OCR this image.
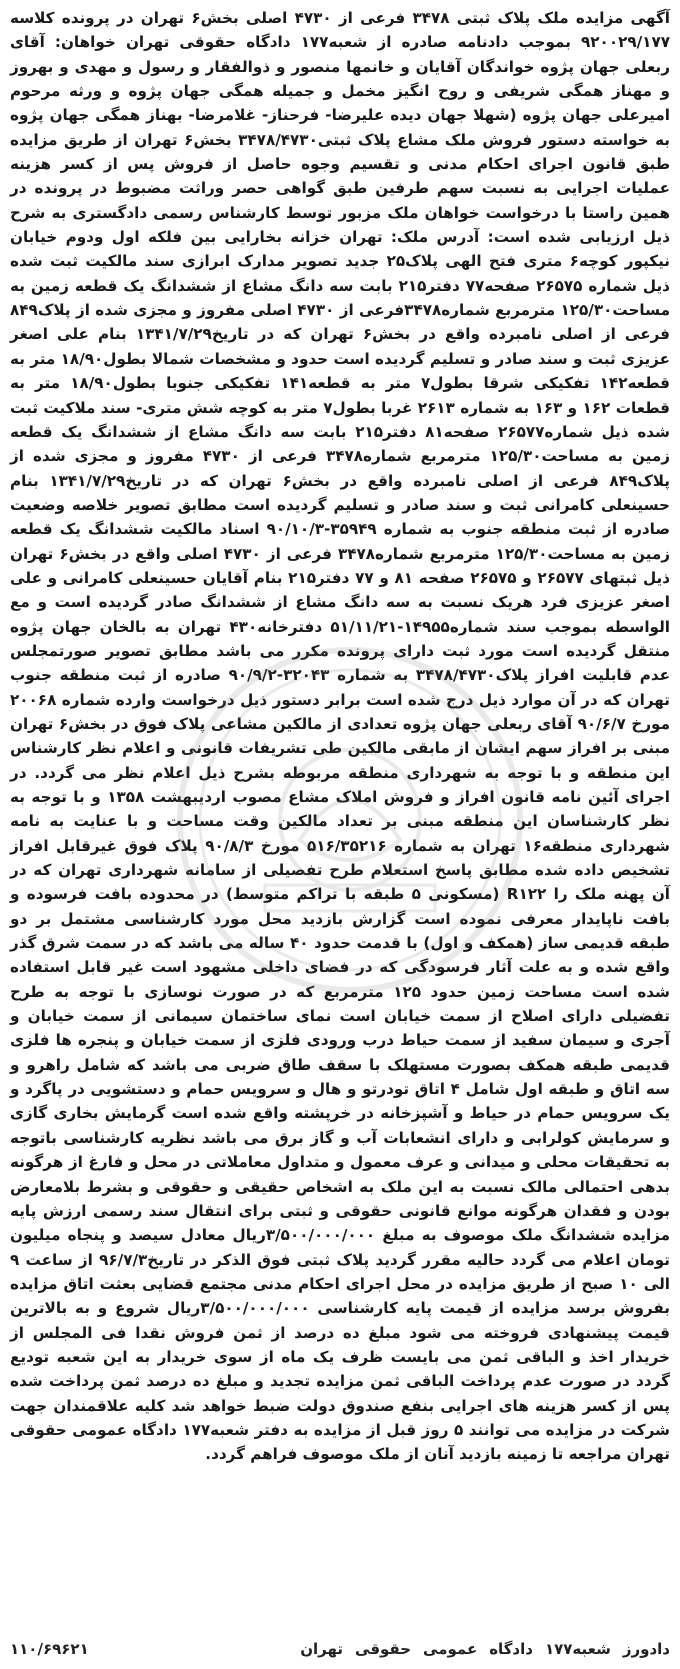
آگهی مزایده ملک پلاک ثبتی ۳۴۷۸ فرعی از ۴۷۳۰ اصلی بخش۶ تهران در پرونده کلاسه ۹۲۰۰۲۹/۱۷۷ بموجب دادنامه صادره از شعبه۱۷۷ دادگاه حقوقی تهران خواهان: آقای ربعلی جهان پژوه خواندگان آقایان و خانمها منصور و ذوالفقار و رسول و مهدی و بهروز و مهناز همگی شریفی و روح انگیز مخمل و جمیله همگی جهان پژوه و ورثه مرحوم امیرعلی جهان پژوه (شهلا جهان دیده علیرضا- فرحناز- غلامرضا- بهناز همگی جهان پژوه به خواسته دستور فروش ملک مشاع پلاک ثبتی۳۴۷۸/۴۷۳۰ بخش۶ تهران از طریق مزایده طبق قانون اجرای احکام مدنی و تقسیم وجوه حاصل از فروش پس از کسر هزینه عملیات اجرایی به نسبت سهم طرفین طبق گواهی حصر وراثت مضبوط در پرونده در همین راستا با درخواست خواهان ملک مزبور توسط کارشناس رسمی دادگستری به شرح ذیل ارزیابی شده است: آدرس ملک: تهران خزانه بخارایی بین فلکه اول ودوم خیابان نیکپور کوچه۶ متری فتح الهی پلاک۲۵ جدید تصویر مدارک ابرازی سند مالکیت ثبت شده ذیل شماره ۲۶۵۷۵ صفحه۷۷ دفتر۲۱۵ بابت سه دانگ مشاع از ششدانگ یک قطعه زمین به مساحت۱۲۵/۳۰ مترمربع شماره۳۴۷۸فرعی از ۴۷۳۰ اصلی مفروز و مجزی شده از پلاک۸۴۹ فرعی از اصلی نامبرده واقع در بخش۶ تهران که در تاریخ۱۳۴۱/۷/۲۹ بنام علی اصغر عزیزی ثبت و سند صادر و تسلیم گردیده است حدود و مشخصات شمالا بطول۱۸/۹۰ متر به قطعه۱۴۲ تفکیکی شرقا بطول۷ متر به قطعه۱۴۱ تفکیکی جنوبا بطول۱۸/۹۰ متر به قطعات ۱۶۲ و ۱۶۳ به شماره ۲۶۱۳ غربا بطول۷ متر به کوچه شش متری- سند ملاکیت ثبت شده ذیل شماره۲۶۵۷۷ صفحه۸۱ دفتر۲۱۵ بابت سه دانگ مشاع از ششدانگ یک قطعه زمین به مساحت۱۲۵/۳۰ مترمربع شماره۳۴۷۸ فرعی از ۴۷۳۰ مفروز و مجزی شده از پلاک۸۴۹ فرعی از اصلی نامبرده واقع در بخش۶ تهران که در تاریخ۱۳۴۱/۷/۲۹ بنام حسینعلی کامرانی ثبت و سند صادر و تسلیم گردیده است مطابق تصویر خلاصه وضعیت صادره از ثبت منطقه جنوب به شماره ۳۵۹۴۹-۹۰/۱۰/۳ اسناد مالکیت ششدانگ یک قطعه زمین به مساحت۱۲۵/۳۰ مترمربع شماره۳۴۷۸ فرعی از ۴۷۳۰ اصلی واقع در بخش۶ تهران ذیل ثبتهای ۲۶۵۷۷ و ۲۶۵۷۵ صفحه ۸۱ و ۷۷ دفتر۲۱۵ بنام آقایان حسینعلی کامرانی و علی اصغر عزیزی فرد هریک نسبت به سه دانگ مشاع از ششدانگ صادر گردیده است و مع الواسطه بموجب سند شماره۱۴۹۵۵-۵۱/۱۱/۲۱ دفترخانه۴۳۰ تهران به بالخان جهان پژوه منتقل گردیده است مورد ثبت دارای پرونده مکرر می باشد مطابق تصویر صورتمجلس عدم قابلیت افراز پلاک۳۴۷۸/۴۷۳۰ به شماره ۳۲۰۴۳-۹۰/۹/۲ صادره از ثبت منطقه جنوب تهران که در آن موارد ذیل درج شده است برابر دستور ذیل درخواست وارده شماره ۲۰۰۶۸ مورخ ۹۰/۶/۷ آقای ربعلی جهان پژوه تعدادی از مالکین مشاعی پلاک فوق در بخش۶ تهران مبنی بر افراز سهم ایشان از مابقی مالکین طی تشریفات قانونی و اعلام نظر کارشناس این منطقه و با توجه به شهرداری منطقه مربوطه بشرح ذیل اعلام نظر می گردد. در اجرای آئین نامه قانون افراز و فروش املاک مشاع مصوب اردیبهشت ۱۳۵۸ و با توجه به نظر کارشناسان این منطقه مبنی بر تعداد مالکین وقت مساحت و با عنایت به نامه شهرداری منطقه۱۶ تهران به شماره ۵۱۶/۳۵۲۱۶ مورخ ۹۰/۸/۳ پلاک فوق غیرقابل افراز تشخیص داده شده مطابق پاسخ استعلام طرح تفصیلی از سامانه شهرداری تهران که در آن پهنه ملک را R۱۲۲ (مسکونی ۵ طبقه با تراکم متوسط) در محدوده بافت فرسوده و بافت ناپایدار معرفی نموده است گزارش بازدید محل مورد کارشناسی مشتمل بر دو طبقه قدیمی ساز (همکف و اول) با قدمت حدود ۴۰ ساله می باشد که در سمت شرق گذر واقع شده و به علت آثار فرسودگی که در فضای داخلی مشهود است غیر قابل استفاده شده است مساحت زمین حدود ۱۲۵ مترمربع که در صورت نوسازی با توجه به طرح تفضیلی دارای اصلاح از سمت خیابان است نمای ساختمان سیمانی از سمت خیابان و آجری و سیمان سفید از سمت حیاط درب ورودی فلزی از سمت خیابان و پنجره ها فلزی قدیمی طبقه همکف بصورت مستهلک با سقف طاق ضربی می باشد که شامل راهرو و سه اتاق و طبقه اول شامل ۴ اتاق تودرتو و هال و سرویس حمام و دستشویی در پاگرد و یک سرویس حمام در حیاط و آشپزخانه در خرپشته واقع شده است گرمایش بخاری گازی و سرمایش کولرابی و دارای انشعابات آب و گاز برق می باشد نظریه کارشناسی باتوجه به تحقیقات محلی و میدانی و عرف معمول و متداول معاملاتی در محل و فارغ از هرگونه بدهی احتمالی مالک نسبت به این ملک به اشخاص حقیقی و حقوقی و بشرط بلامعارض بودن و فقدان هرگونه موانع قانونی حقوقی و ثبتی برای انتقال سند رسمی ارزش پایه مزایده ششدانگ ملک موصوف به مبلغ ۳/۵۰۰/۰۰۰/۰۰۰ریال معادل سیصد و پنجاه میلیون تومان اعلام می گردد حالیه مقرر گردید پلاک ثبتی فوق الذکر در تاریخ۹۶/۷/۳ از ساعت ۹ الی ۱۰ صبح از طریق مزایده در محل اجرای احکام مدنی مجتمع قضایی بعثت اتاق مزایده بفروش برسد مزایده از قیمت پایه کارشناسی ۳/۵۰۰/۰۰۰/۰۰۰ریال شروع و به بالاترین قیمت پیشنهادی فروخته می شود مبلغ ده درصد از ثمن فروش نقدا فی المجلس از خریدار اخذ و الباقی ثمن می بایست ظرف یک ماه از سوی خریدار به این شعبه تودیع گردد در صورت عدم پرداخت الباقی ثمن مزایده تجدید و مبلغ ده درصد ثمن پرداخت شده پس از کسر هزینه های اجرایی بنفع صندوق دولت ضبط خواهد شد کلیه علاقمندان جهت شرکت در مزایده می توانند ۵ روز قبل از مزایده به دفتر شعبه۱۷۷ دادگاه عمومی حقوقی تهران مراجعه تا زمینه بازدید آنان از ملک موصوف فراهم گردد.

دادورز
شعبه۱۷۷
دادگاه
عمومی
حقوقی
تهران
۱۱۰/۶۹۶۲۱
